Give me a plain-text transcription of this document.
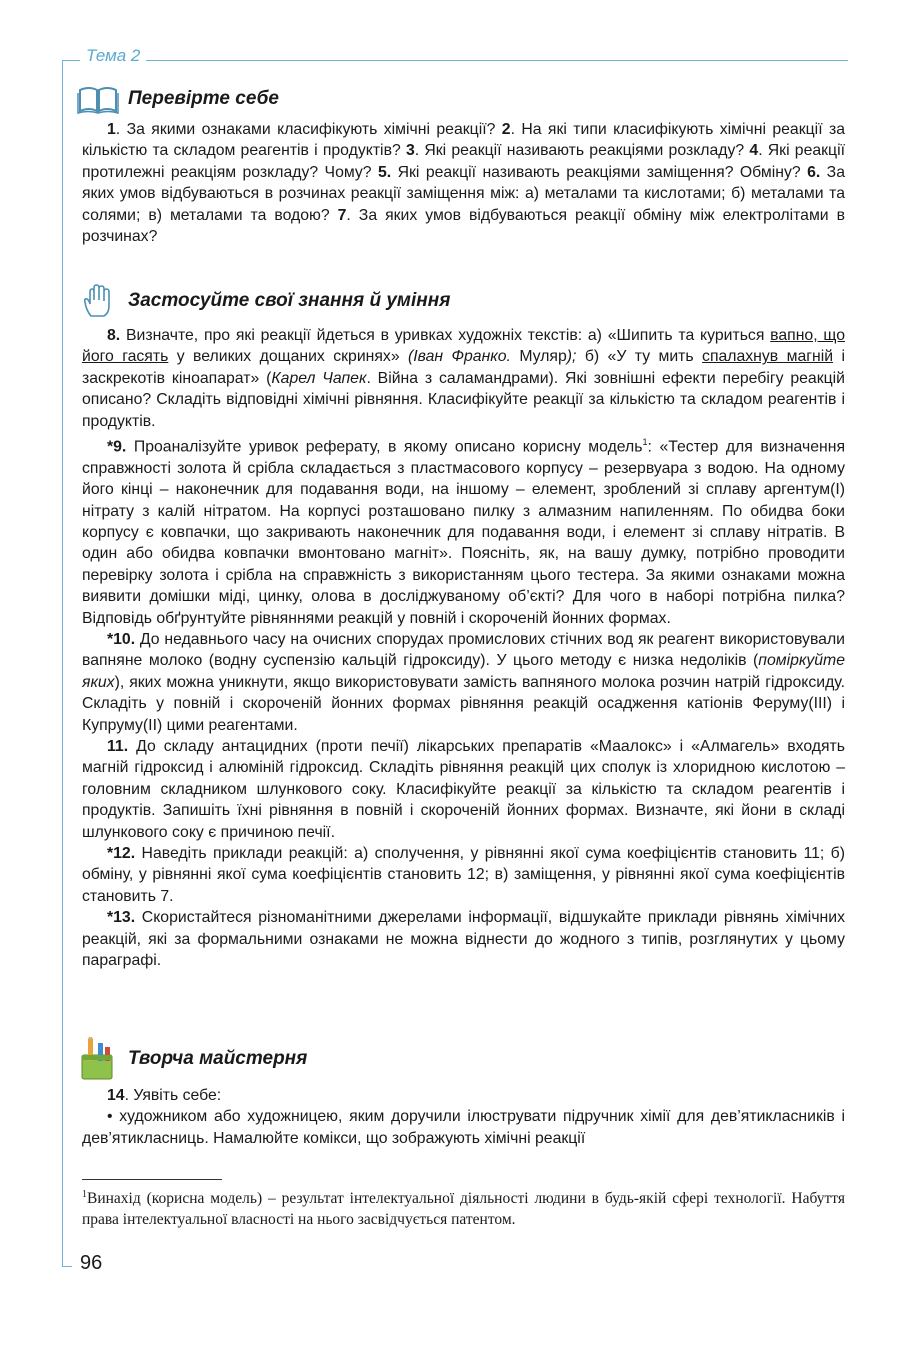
Тема 2
Перевірте себе

1. За якими ознаками класифікують хімічні реакції? 2. На які типи класифікують хімічні реакції за кількістю та складом реагентів і продуктів? 3. Які реакції називають реакціями розкладу? 4. Які реакції протилежні реакціям розкладу? Чому? 5. Які реакції називають реакціями заміщення? Обміну? 6. За яких умов відбуваються в розчинах реакції заміщення між: а) металами та кислотами; б) металами та солями; в) металами та водою? 7. За яких умов відбуваються реакції обміну між електролітами в розчинах?

Застосуйте свої знання й уміння

8. Визначте, про які реакції йдеться в уривках художніх текстів: а) «Шипить та куриться вапно, що його гасять у великих дощаних скринях» (Іван Франко. Муляр); б) «У ту мить спалахнув магній і заскрекотів кіноапарат» (Карел Чапек. Війна з саламандрами). Які зовнішні ефекти перебігу реакцій описано? Складіть відповідні хімічні рівняння. Класифікуйте реакції за кількістю та складом реагентів і продуктів.

*9. Проаналізуйте уривок реферату, в якому описано корисну модель$^1$: «Тестер для визначення справжності золота й срібла складається з пластмасового корпусу – резервуара з водою. На одному його кінці – наконечник для подавання води, на іншому – елемент, зроблений зі сплаву аргентум(I) нітрату з калій нітратом. На корпусі розташовано пилку з алмазним напиленням. По обидва боки корпусу є ковпачки, що закривають наконечник для подавання води, і елемент зі сплаву нітратів. В один або обидва ковпачки вмонтовано магніт». Поясніть, як, на вашу думку, потрібно проводити перевірку золота і срібла на справжність з використанням цього тестера. За якими ознаками можна виявити домішки міді, цинку, олова в досліджуваному об’єкті? Для чого в наборі потрібна пилка? Відповідь обґрунтуйте рівняннями реакцій у повній і скороченій йонних формах.

*10. До недавнього часу на очисних спорудах промислових стічних вод як реагент використовували вапняне молоко (водну суспензію кальцій гідроксиду). У цього методу є низка недоліків (поміркуйте яких), яких можна уникнути, якщо використовувати замість вапняного молока розчин натрій гідроксиду. Складіть у повній і скороченій йонних формах рівняння реакцій осадження катіонів Феруму(III) і Купруму(II) цими реагентами.

11. До складу антацидних (проти печії) лікарських препаратів «Маалокс» і «Алмагель» входять магній гідроксид і алюміній гідроксид. Складіть рівняння реакцій цих сполук із хлоридною кислотою – головним складником шлункового соку. Класифікуйте реакції за кількістю та складом реагентів і продуктів. Запишіть їхні рівняння в повній і скороченій йонних формах. Визначте, які йони в складі шлункового соку є причиною печії.

*12. Наведіть приклади реакцій: а) сполучення, у рівнянні якої сума коефіцієнтів становить 11; б) обміну, у рівнянні якої сума коефіцієнтів становить 12; в) заміщення, у рівнянні якої сума коефіцієнтів становить 7.

*13. Скористайтеся різноманітними джерелами інформації, відшукайте приклади рівнянь хімічних реакцій, які за формальними ознаками не можна віднести до жодного з типів, розглянутих у цьому параграфі.

Творча майстерня

14. Уявіть себе:

• художником або художницею, яким доручили ілюструвати підручник хімії для дев’ятикласників і дев’ятикласниць. Намалюйте комікси, що зображують хімічні реакції

$^1$Винахід (корисна модель) – результат інтелектуальної діяльності людини в будь-якій сфері технології. Набуття права інтелектуальної власності на нього засвідчується патентом.
96
